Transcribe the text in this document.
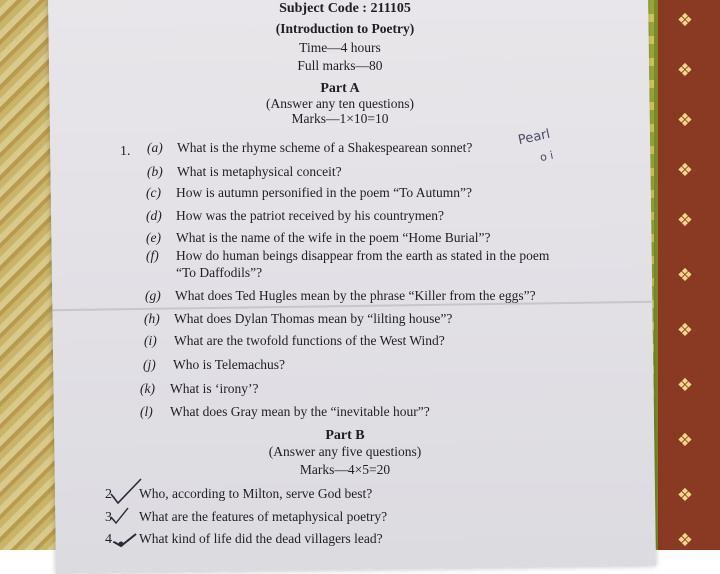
❖
❖
❖
❖
❖
❖
❖
❖
❖
❖
❖
Subject Code : 211105
(Introduction to Poetry)
Time—4 hours
Full marks—80
Part A
(Answer any ten questions)
Marks—1×10=10
1. (a) What is the rhyme scheme of a Shakespearean sonnet?
(b) What is metaphysical conceit?
(c) How is autumn personified in the poem “To Autumn”?
(d) How was the patriot received by his countrymen?
(e) What is the name of the wife in the poem “Home Burial”?
(f) How do human beings disappear from the earth as stated in the poem
“To Daffodils”?
(g) What does Ted Hugles mean by the phrase “Killer from the eggs”?
(h) What does Dylan Thomas mean by “lilting house”?
(i) What are the twofold functions of the West Wind?
(j) Who is Telemachus?
(k) What is ‘irony’?
(l) What does Gray mean by the “inevitable hour”?
Part B
(Answer any five questions)
Marks—4×5=20
2. Who, according to Milton, serve God best?
3. What are the features of metaphysical poetry?
4. What kind of life did the dead villagers lead?
Pearl
o i
